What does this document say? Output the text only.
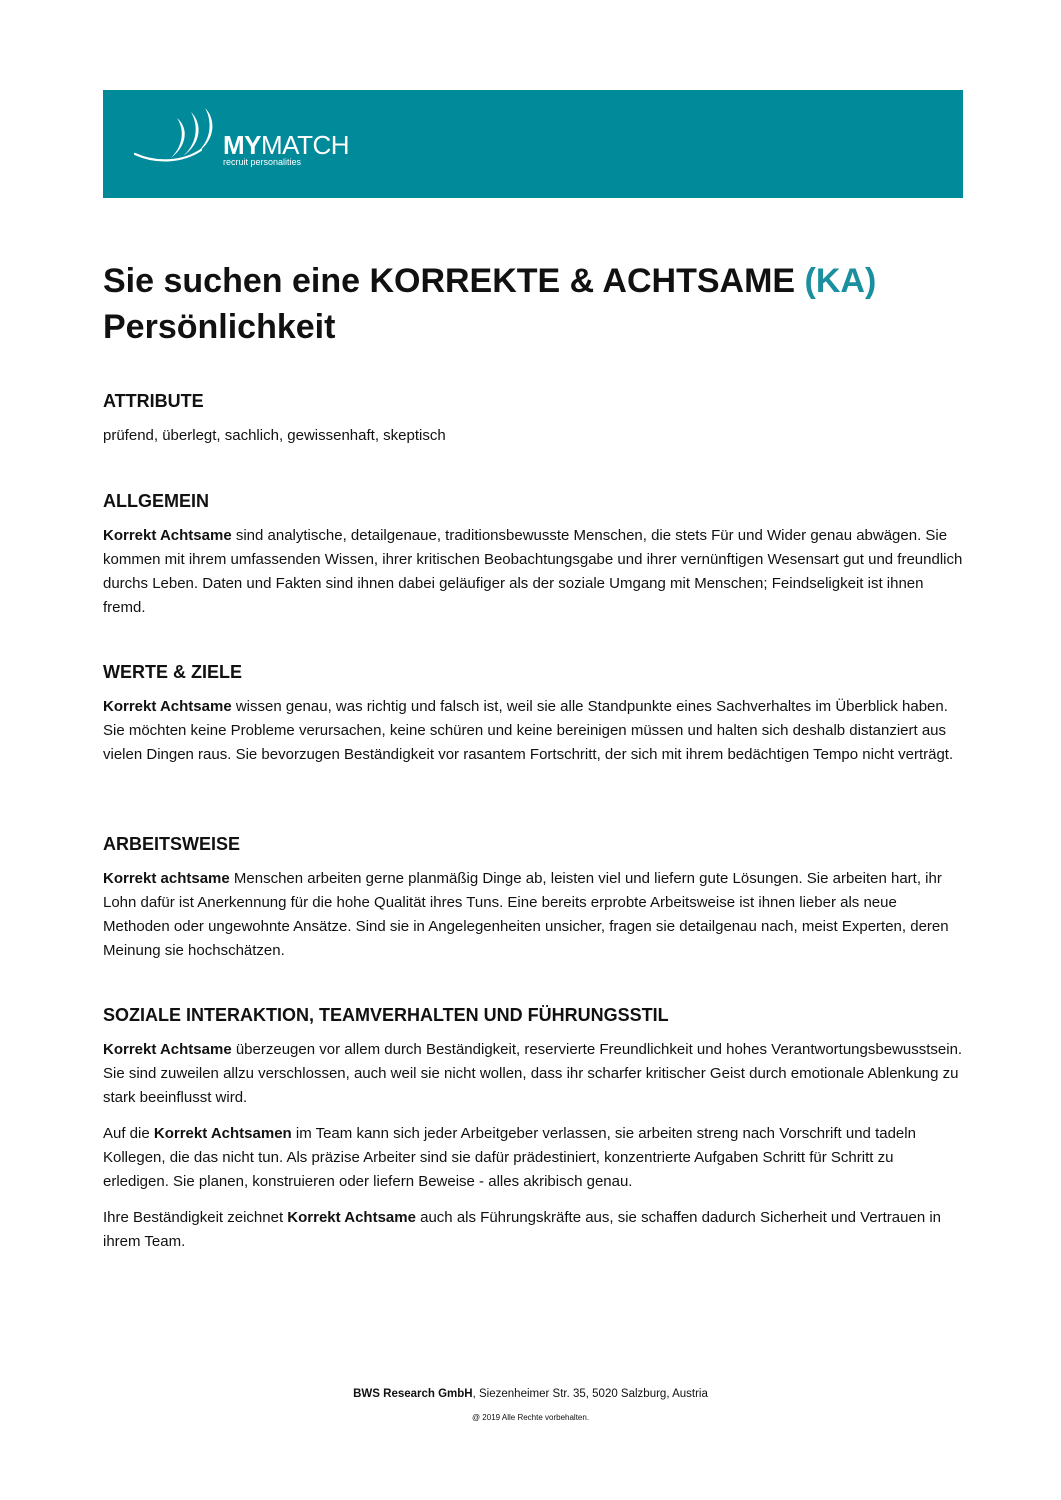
MYMATCH
recruit personalities
Sie suchen eine KORREKTE & ACHTSAME (KA)
Persönlichkeit
ATTRIBUTE

prüfend, überlegt, sachlich, gewissenhaft, skeptisch

ALLGEMEIN

Korrekt Achtsame sind analytische, detailgenaue, traditionsbewusste Menschen, die stets Für und Wider genau abwägen. Sie kommen mit ihrem umfassenden Wissen, ihrer kritischen Beobachtungsgabe und ihrer vernünftigen Wesensart gut und freundlich durchs Leben. Daten und Fakten sind ihnen dabei geläufiger als der soziale Umgang mit Menschen; Feindseligkeit ist ihnen fremd.

WERTE & ZIELE

Korrekt Achtsame wissen genau, was richtig und falsch ist, weil sie alle Standpunkte eines Sachverhaltes im Überblick haben. Sie möchten keine Probleme verursachen, keine schüren und keine bereinigen müssen und halten sich deshalb distanziert aus vielen Dingen raus. Sie bevorzugen Beständigkeit vor rasantem Fortschritt, der sich mit ihrem bedächtigen Tempo nicht verträgt.

ARBEITSWEISE

Korrekt achtsame Menschen arbeiten gerne planmäßig Dinge ab, leisten viel und liefern gute Lösungen. Sie arbeiten hart, ihr Lohn dafür ist Anerkennung für die hohe Qualität ihres Tuns. Eine bereits erprobte Arbeitsweise ist ihnen lieber als neue Methoden oder ungewohnte Ansätze. Sind sie in Angelegenheiten unsicher, fragen sie detailgenau nach, meist Experten, deren Meinung sie hochschätzen.

SOZIALE INTERAKTION, TEAMVERHALTEN UND FÜHRUNGSSTIL

Korrekt Achtsame überzeugen vor allem durch Beständigkeit, reservierte Freundlichkeit und hohes Verantwortungsbewusstsein. Sie sind zuweilen allzu verschlossen, auch weil sie nicht wollen, dass ihr scharfer kritischer Geist durch emotionale Ablenkung zu stark beeinflusst wird.

Auf die Korrekt Achtsamen im Team kann sich jeder Arbeitgeber verlassen, sie arbeiten streng nach Vorschrift und tadeln Kollegen, die das nicht tun. Als präzise Arbeiter sind sie dafür prädestiniert, konzentrierte Aufgaben Schritt für Schritt zu erledigen. Sie planen, konstruieren oder liefern Beweise - alles akribisch genau.

Ihre Beständigkeit zeichnet Korrekt Achtsame auch als Führungskräfte aus, sie schaffen dadurch Sicherheit und Vertrauen in ihrem Team.

BWS Research GmbH, Siezenheimer Str. 35, 5020 Salzburg, Austria
@ 2019 Alle Rechte vorbehalten.
